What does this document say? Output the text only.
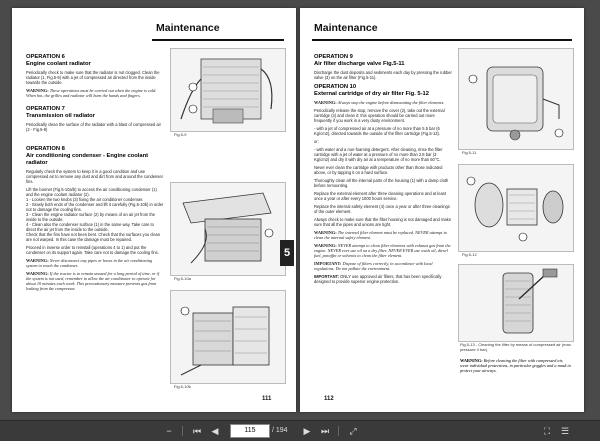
Maintenance
OPERATION 6
Engine coolant radiator

Periodically check to make sure that the radiator is not clogged. Clean the radiator (1, Fig.5-9) with a jet of compressed air directed from the inside towards the outside.

WARNING: These operations must be carried out when the engine is cold. When hot, the grilles and radiator will burn the hands and fingers.
OPERATION 7
Transmission oil radiator

Periodically clean the surface of the radiator with a blast of compressed air (2 - Fig.5-9)

OPERATION 8
Air conditioning condenser - Engine coolant radiator

Regularly check the system to keep it in a good condition and use compressed air to remove any dust and dirt from and around the condenser fins.

Lift the bonnet (Fig.5-10a/b) to access the air conditioning condenser (1) and the engine coolant radiator (2).

1 - Loosen the two knobs (3) fixing the air conditioner condenser.

2 - Slowly both ends of the condenser and lift it carefully (Fig.5-10b) in order not to damage the cooling fins.

3 - Clean the engine radiator surface (2) by means of an air jet from the inside to the outside.

4 - Clean also the condenser surface (1) in the same way. Take care to direct the air jet from the inside to the outside.

Check that the fins have not been bent. Check that the surfaces you clean are not warped. In this case the damage must be repaired.

Proceed in inverse order to reinstall (operations 4 to 1) and put the condenser on its support again. Take care not to damage the cooling fins.

WARNING: Never disconnect any pipes or hoses in the air conditioning system to reach the condenser.
WARNING: If the tractor is to remain unused for a long period of time, or if the system is not used, remember to allow the air conditioner to operate for about 10 minutes each week. This precautionary measure prevents gas from leaking from the compressor.
Fig.5-9
Fig.5-10a
Fig.5-10b
111
5
Maintenance
OPERATION 9
Air filter discharge valve Fig.5-11

Discharge the dust deposits and sediments each day by pressing the rubber valve (3) on the air filter (Fig.5-11).

OPERATION 10
External cartridge of dry air filter Fig. 5-12
WARNING: Always stop the engine before dismounting the filter elements.

Periodically release the stop, remove the cover (2), take out the external cartridge (3) and clean it: this operation should be carried out more frequently if you work in a very dusty environment.

- with a jet of compressed air at a pressure of no more than 5.5 bar (6 Kg/cm2), directed towards the outside of the filter cartridge (Fig.5-13).

or:

- with water and a non-foaming detergent. After cleaning, rinse the filter cartridge with a jet of water at a pressure of no more than 2.8 bar (3 Kg/cm2) and dry it with dry air at a temperature of no more than 50°C.

Never ever clean the cartridge with products other than those indicated above, or by tapping it on a hard surface.

Thoroughly clean all the internal parts of the housing (1) with a damp cloth before remounting.

Replace the external element after three cleaning operations and at least once a year or after every 1000 hours service.

Replace the internal safety element (4) once a year or after three cleanings of the outer element.

Always check to make sure that the filter housing is not damaged and make sure that all the pipes and unions are tight.

WARNING: The internal filter element must be replaced. NEVER attempt to clean the internal safety element.
WARNING: NEVER attempt to clean filter elements with exhaust gas from the engine. NEVER ever use oil on a dry filter. NEVER EVER use wash oil, diesel fuel, paraffin or solvents to clean the filter element.
IMPORTANT: Dispose of filters correctly, in accordance with local regulations. Do not pollute the environment.

IMPORTANT: ONLY use approved air filters, that has been specifically designed to provide superior engine protection.

Fig.5-11
Fig.5-12
Fig.5-13 - Cleaning the filter by means of compressed air (max. pressure 4 bar).
WARNING: Before cleaning the filter with compressed air, wear individual protections, in particular goggles and a mask to protect your airways.
112
−	⏮	◀	115	/ 194	▶	⏭	⤢	⛶	☰
